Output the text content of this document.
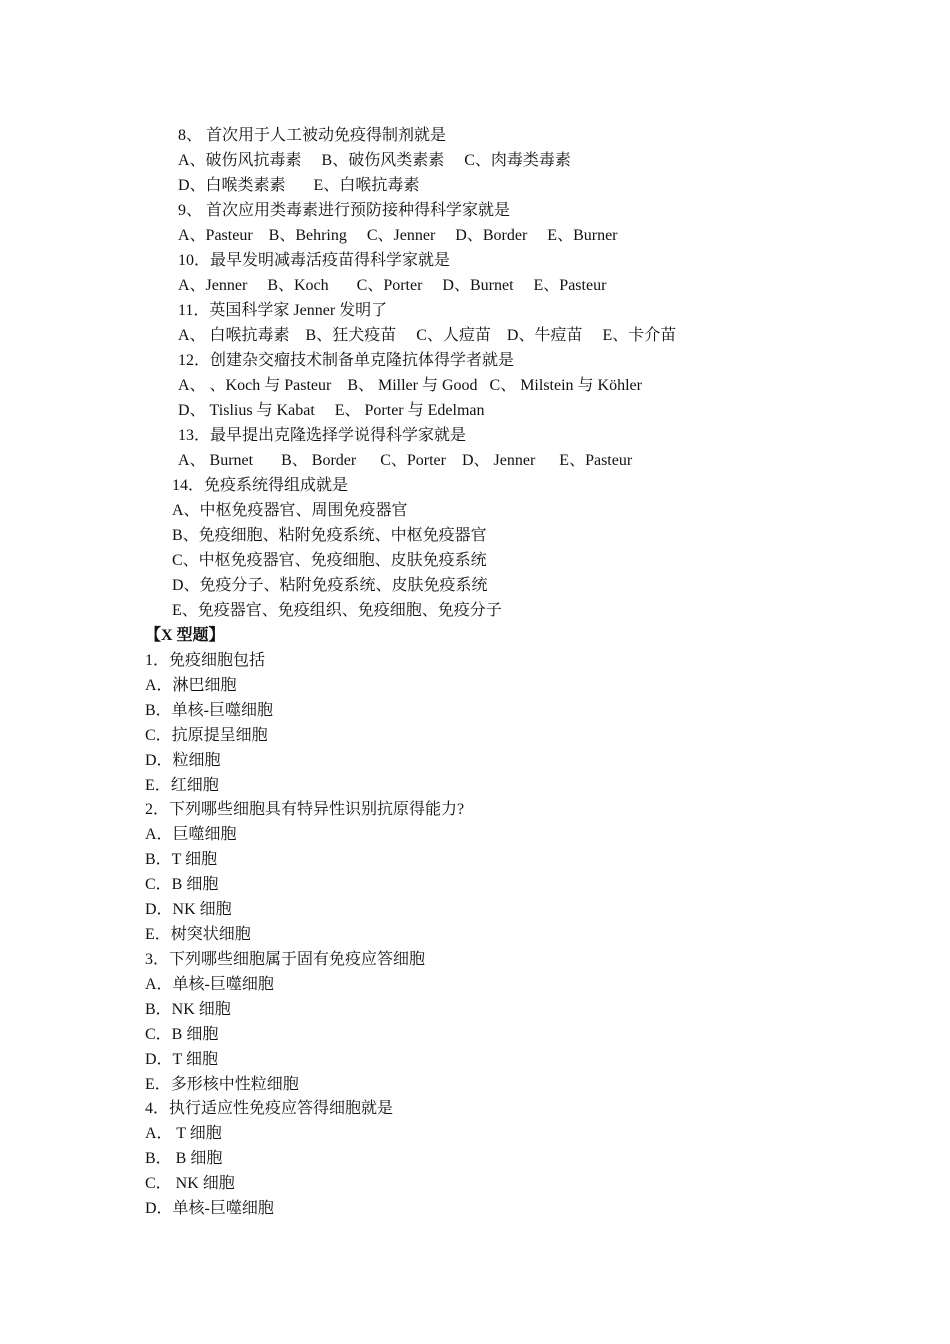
8、 首次用于人工被动免疫得制剂就是
A、破伤风抗毒素     B、破伤风类素素     C、肉毒类毒素
D、白喉类素素       E、白喉抗毒素
9、 首次应用类毒素进行预防接种得科学家就是
A、Pasteur    B、Behring     C、Jenner     D、Border     E、Burner
10．最早发明减毒活疫苗得科学家就是
A、Jenner     B、Koch       C、Porter     D、Burnet     E、Pasteur
11．英国科学家 Jenner 发明了
A、 白喉抗毒素    B、狂犬疫苗     C、人痘苗    D、牛痘苗     E、卡介苗
12．创建杂交瘤技术制备单克隆抗体得学者就是
A、 、Koch 与 Pasteur    B、 Miller 与 Good   C、 Milstein 与 Köhler
D、 Tislius 与 Kabat     E、 Porter 与 Edelman
13．最早提出克隆选择学说得科学家就是
A、 Burnet       B、 Border      C、Porter    D、 Jenner      E、Pasteur
14．免疫系统得组成就是
A、中枢免疫器官、周围免疫器官
B、免疫细胞、粘附免疫系统、中枢免疫器官
C、中枢免疫器官、免疫细胞、皮肤免疫系统
D、免疫分子、粘附免疫系统、皮肤免疫系统
E、免疫器官、免疫组织、免疫细胞、免疫分子
【X 型题】
1．免疫细胞包括
A．淋巴细胞
B．单核-巨噬细胞
C．抗原提呈细胞
D．粒细胞
E．红细胞
2．下列哪些细胞具有特异性识别抗原得能力?
A．巨噬细胞
B．T 细胞
C．B 细胞
D．NK 细胞
E．树突状细胞
3．下列哪些细胞属于固有免疫应答细胞
A．单核-巨噬细胞
B．NK 细胞
C．B 细胞
D．T 细胞
E．多形核中性粒细胞
4．执行适应性免疫应答得细胞就是
A． T 细胞
B． B 细胞
C． NK 细胞
D．单核-巨噬细胞
